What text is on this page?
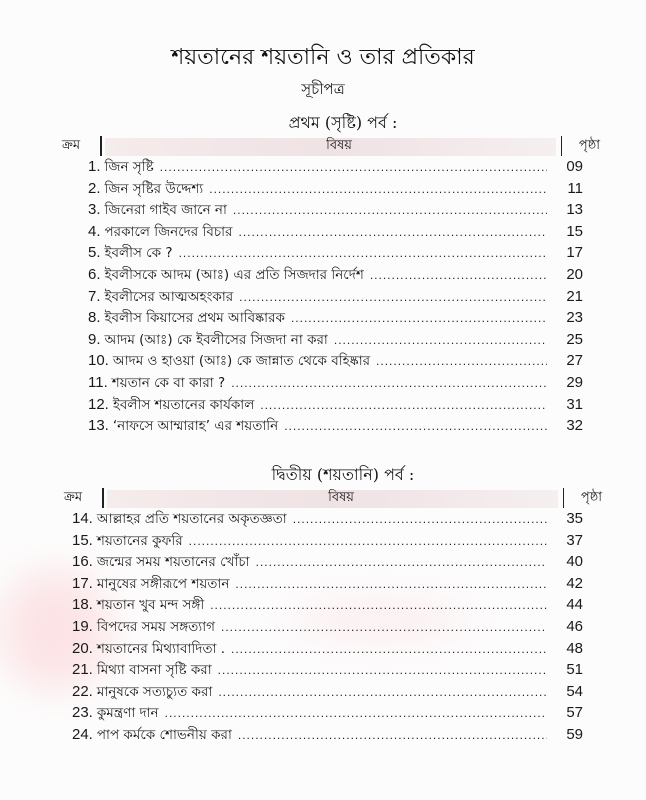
শয়তানের শয়তানি ও তার প্রতিকার
সূচীপত্র
প্রথম (সৃষ্টি) পর্ব :
ক্রম	বিষয়	পৃষ্ঠা
1. জিন সৃষ্টি .....	09
2. জিন সৃষ্টির উদ্দেশ্য .....	11
3. জিনেরা গাইব জানে না .....	13
4. পরকালে জিনদের বিচার .....	15
5. ইবলীস কে ? .....	17
6. ইবলীসকে আদম (আঃ) এর প্রতি সিজদার নির্দেশ .....	20
7. ইবলীসের আত্মঅহংকার .....	21
8. ইবলীস কিয়াসের প্রথম আবিষ্কারক .....	23
9. আদম (আঃ) কে ইবলীসের সিজদা না করা .....	25
10. আদম ও হাওয়া (আঃ) কে জান্নাত থেকে বহিষ্কার .....	27
11. শয়তান কে বা কারা ? .....	29
12. ইবলীস শয়তানের কার্যকাল .....	31
13. ‘নাফসে আম্মারাহ’ এর শয়তানি .....	32
দ্বিতীয় (শয়তানি) পর্ব :
ক্রম	বিষয়	পৃষ্ঠা
14. আল্লাহর প্রতি শয়তানের অকৃতজ্ঞতা .....	35
15. শয়তানের কুফরি .....	37
16. জন্মের সময় শয়তানের খোঁচা .....	40
17. মানুষের সঙ্গীরূপে শয়তান .....	42
18. শয়তান খুব মন্দ সঙ্গী .....	44
19. বিপদের সময় সঙ্গত্যাগ .....	46
20. শয়তানের মিথ্যাবাদিতা . .....	48
21. মিথ্যা বাসনা সৃষ্টি করা .....	51
22. মানুষকে সত্যচ্যুত করা .....	54
23. কুমন্ত্রণা দান .....	57
24. পাপ কর্মকে শোভনীয় করা .....	59
